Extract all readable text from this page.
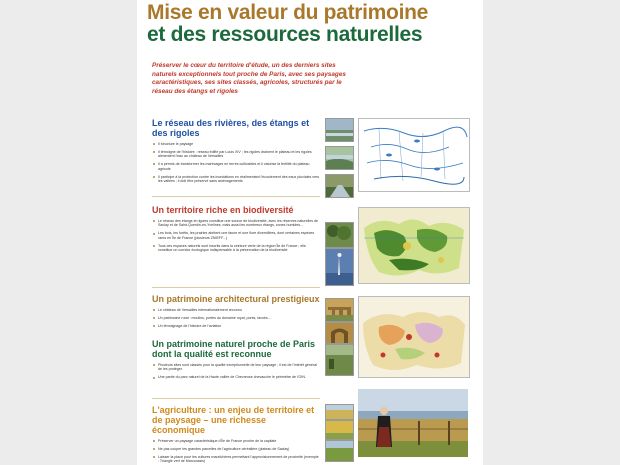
Mise en valeur du patrimoine
et des ressources naturelles
Préserver le cœur du territoire d'étude, un des derniers sites naturels exceptionnels tout proche de Paris, avec ses paysages caractéristiques, ses sites classés, agricoles, structurés par le réseau des étangs et rigoles
Le réseau des rivières, des étangs et des rigoles
Il structure le paysage
Il témoigne de l'histoire : réseau édifié par Louis XIV ; les rigoles drainent le plateau et les rigoles alimentent l'eau au château de Versailles
Il a permis de transformer les marécages en terres cultivables et il valorise la fertilité du plateau agricole
Il participe à la protection contre les inondations en réalimentant l'écoulement des eaux pluviales vers les vallées ; il doit être préservé sans aménagements
Un territoire riche en biodiversité
Le réseau des étangs et rigoles constitue une source de biodiversité, avec les réserves naturelles de Saclay et de Saint-Quentin-en-Yvelines, mais aussi les nombreux étangs, zones humides...
Les bois, les forêts, les prairies abritent une faune et une flore diversifiées, dont certaines espèces rares en Île de France (plusieurs ZNIEFF...)
Tous ces espaces naturels sont inscrits dans la ceinture verte de la région Île de France ; elle constitue un corridor écologique indispensable à la préservation de la biodiversité
Un patrimoine architectural prestigieux
Le château de Versailles internationalement reconnu
Un patrimoine rural : moulins, portes du domaine royal, ponts, lavoirs...
Un témoignage de l'histoire de l'aviation
Un patrimoine naturel proche de Paris dont la qualité est reconnue
Plusieurs sites sont classés pour la qualité exceptionnelle de leur paysage ; il est de l'intérêt général de les protéger.
Une partie du parc naturel de la Haute vallée de Chevreuse chevauche le périmètre de l'OIN.
L'agriculture : un enjeu de territoire et de paysage – une richesse économique
Préserver un paysage caractéristique d'Île de France proche de la capitale
Ne pas couper les grandes parcelles de l'agriculture céréalière (plateau de Saclay)
Laisser la place pour les cultures maraîchères permettant l'approvisionnement de proximité (exemple : Triangle vert de Marcoussis)
